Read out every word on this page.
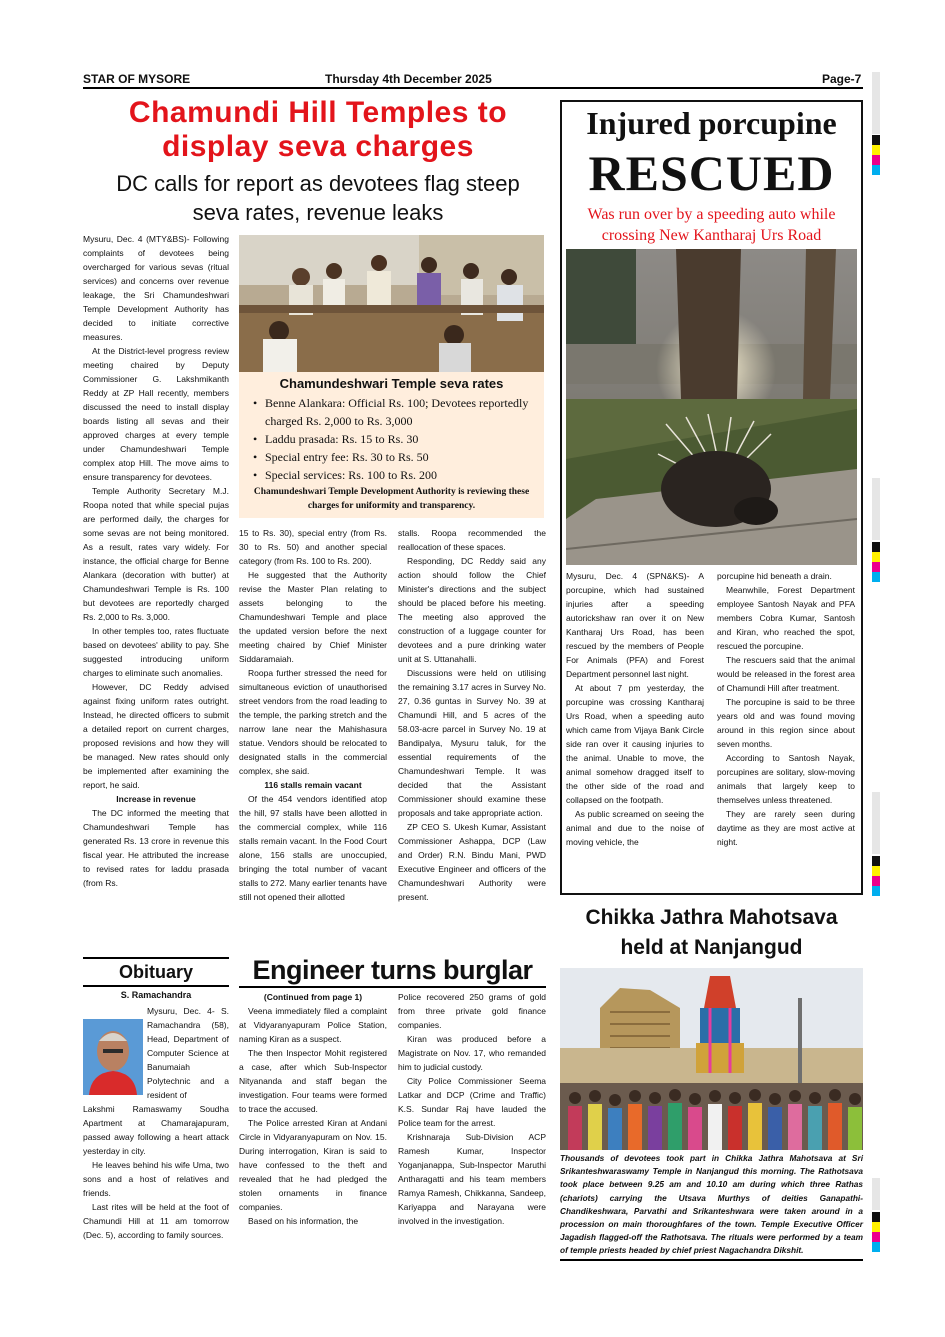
STAR OF MYSORE	Thursday 4th December 2025	Page-7
Chamundi Hill Temples to
display seva charges
DC calls for report as devotees flag steep
seva rates, revenue leaks

Mysuru, Dec. 4 (MTY&BS)- Following complaints of devotees being overcharged for various sevas (ritual services) and concerns over revenue leakage, the Sri Chamundeshwari Temple Development Authority has decided to initiate corrective measures.

At the District-level progress review meeting chaired by Deputy Commissioner G. Lakshmikanth Reddy at ZP Hall recently, members discussed the need to install display boards listing all sevas and their approved charges at every temple under Chamundeshwari Temple complex atop Hill. The move aims to ensure transparency for devotees.

Temple Authority Secretary M.J. Roopa noted that while special pujas are performed daily, the charges for some sevas are not being monitored. As a result, rates vary widely. For instance, the official charge for Benne Alankara (decoration with butter) at Chamundeshwari Temple is Rs. 100 but devotees are reportedly charged Rs. 2,000 to Rs. 3,000.

In other temples too, rates fluctuate based on devotees' ability to pay. She suggested introducing uniform charges to eliminate such anomalies.

However, DC Reddy advised against fixing uniform rates outright. Instead, he directed officers to submit a detailed report on current charges, proposed revisions and how they will be managed. New rates should only be implemented after examining the report, he said.

Increase in revenue

The DC informed the meeting that Chamundeshwari Temple has generated Rs. 13 crore in revenue this fiscal year. He attributed the increase to revised rates for laddu prasada (from Rs.

Chamundeshwari Temple seva rates
• Benne Alankara: Official Rs. 100; Devotees reportedly charged Rs. 2,000 to Rs. 3,000
• Laddu prasada: Rs. 15 to Rs. 30
• Special entry fee: Rs. 30 to Rs. 50
• Special services: Rs. 100 to Rs. 200
Chamundeshwari Temple Development Authority is reviewing these charges for uniformity and transparency.

15 to Rs. 30), special entry (from Rs. 30 to Rs. 50) and another special category (from Rs. 100 to Rs. 200).

He suggested that the Authority revise the Master Plan relating to assets belonging to the Chamundeshwari Temple and place the updated version before the next meeting chaired by Chief Minister Siddaramaiah.

Roopa further stressed the need for simultaneous eviction of unauthorised street vendors from the road leading to the temple, the parking stretch and the narrow lane near the Mahishasura statue. Vendors should be relocated to designated stalls in the commercial complex, she said.

116 stalls remain vacant

Of the 454 vendors identified atop the hill, 97 stalls have been allotted in the commercial complex, while 116 stalls remain vacant. In the Food Court alone, 156 stalls are unoccupied, bringing the total number of vacant stalls to 272. Many earlier tenants have still not opened their allotted

stalls. Roopa recommended the reallocation of these spaces.

Responding, DC Reddy said any action should follow the Chief Minister's directions and the subject should be placed before his meeting. The meeting also approved the construction of a luggage counter for devotees and a pure drinking water unit at S. Uttanahalli.

Discussions were held on utilising the remaining 3.17 acres in Survey No. 27, 0.36 guntas in Survey No. 39 at Chamundi Hill, and 5 acres of the 58.03-acre parcel in Survey No. 19 at Bandipalya, Mysuru taluk, for the essential requirements of the Chamundeshwari Temple. It was decided that the Assistant Commissioner should examine these proposals and take appropriate action.

ZP CEO S. Ukesh Kumar, Assistant Commissioner Ashappa, DCP (Law and Order) R.N. Bindu Mani, PWD Executive Engineer and officers of the Chamundeshwari Authority were present.

Injured porcupine
RESCUED
Was run over by a speeding auto while
crossing New Kantharaj Urs Road

Mysuru, Dec. 4 (SPN&KS)- A porcupine, which had sustained injuries after a speeding autorickshaw ran over it on New Kantharaj Urs Road, has been rescued by the members of People For Animals (PFA) and Forest Department personnel last night.

At about 7 pm yesterday, the porcupine was crossing Kantharaj Urs Road, when a speeding auto which came from Vijaya Bank Circle side ran over it causing injuries to the animal. Unable to move, the animal somehow dragged itself to the other side of the road and collapsed on the footpath.

As public screamed on seeing the animal and due to the noise of moving vehicle, the

porcupine hid beneath a drain.

Meanwhile, Forest Department employee Santosh Nayak and PFA members Cobra Kumar, Santosh and Kiran, who reached the spot, rescued the porcupine.

The rescuers said that the animal would be released in the forest area of Chamundi Hill after treatment.

The porcupine is said to be three years old and was found moving around in this region since about seven months.

According to Santosh Nayak, porcupines are solitary, slow-moving animals that largely keep to themselves unless threatened.

They are rarely seen during daytime as they are most active at night.

Chikka Jathra Mahotsava
held at Nanjangud
Thousands of devotees took part in Chikka Jathra Mahotsava at Sri Srikanteshwaraswamy Temple in Nanjangud this morning. The Rathotsava took place between 9.25 am and 10.10 am during which three Rathas (chariots) carrying the Utsava Murthys of deities Ganapathi-Chandikeshwara, Parvathi and Srikanteshwara were taken around in a procession on main thoroughfares of the town. Temple Executive Officer Jagadish flagged-off the Rathotsava. The rituals were performed by a team of temple priests headed by chief priest Nagachandra Dikshit.
Obituary
S. Ramachandra

Mysuru, Dec. 4- S. Ramachandra (58), Head, Department of Computer Science at Banumaiah Polytechnic and a resident of

Lakshmi Ramaswamy Soudha Apartment at Chamarajapuram, passed away following a heart attack yesterday in city.

He leaves behind his wife Uma, two sons and a host of relatives and friends.

Last rites will be held at the foot of Chamundi Hill at 11 am tomorrow (Dec. 5), according to family sources.

Engineer turns burglar

(Continued from page 1)

Veena immediately filed a complaint at Vidyaranyapuram Police Station, naming Kiran as a suspect.

The then Inspector Mohit registered a case, after which Sub-Inspector Nityananda and staff began the investigation. Four teams were formed to trace the accused.

The Police arrested Kiran at Andani Circle in Vidyaranyapuram on Nov. 15. During interrogation, Kiran is said to have confessed to the theft and revealed that he had pledged the stolen ornaments in finance companies.

Based on his information, the

Police recovered 250 grams of gold from three private gold finance companies.

Kiran was produced before a Magistrate on Nov. 17, who remanded him to judicial custody.

City Police Commissioner Seema Latkar and DCP (Crime and Traffic) K.S. Sundar Raj have lauded the Police team for the arrest.

Krishnaraja Sub-Division ACP Ramesh Kumar, Inspector Yoganjanappa, Sub-Inspector Maruthi Antharagatti and his team members Ramya Ramesh, Chikkanna, Sandeep, Kariyappa and Narayana were involved in the investigation.
